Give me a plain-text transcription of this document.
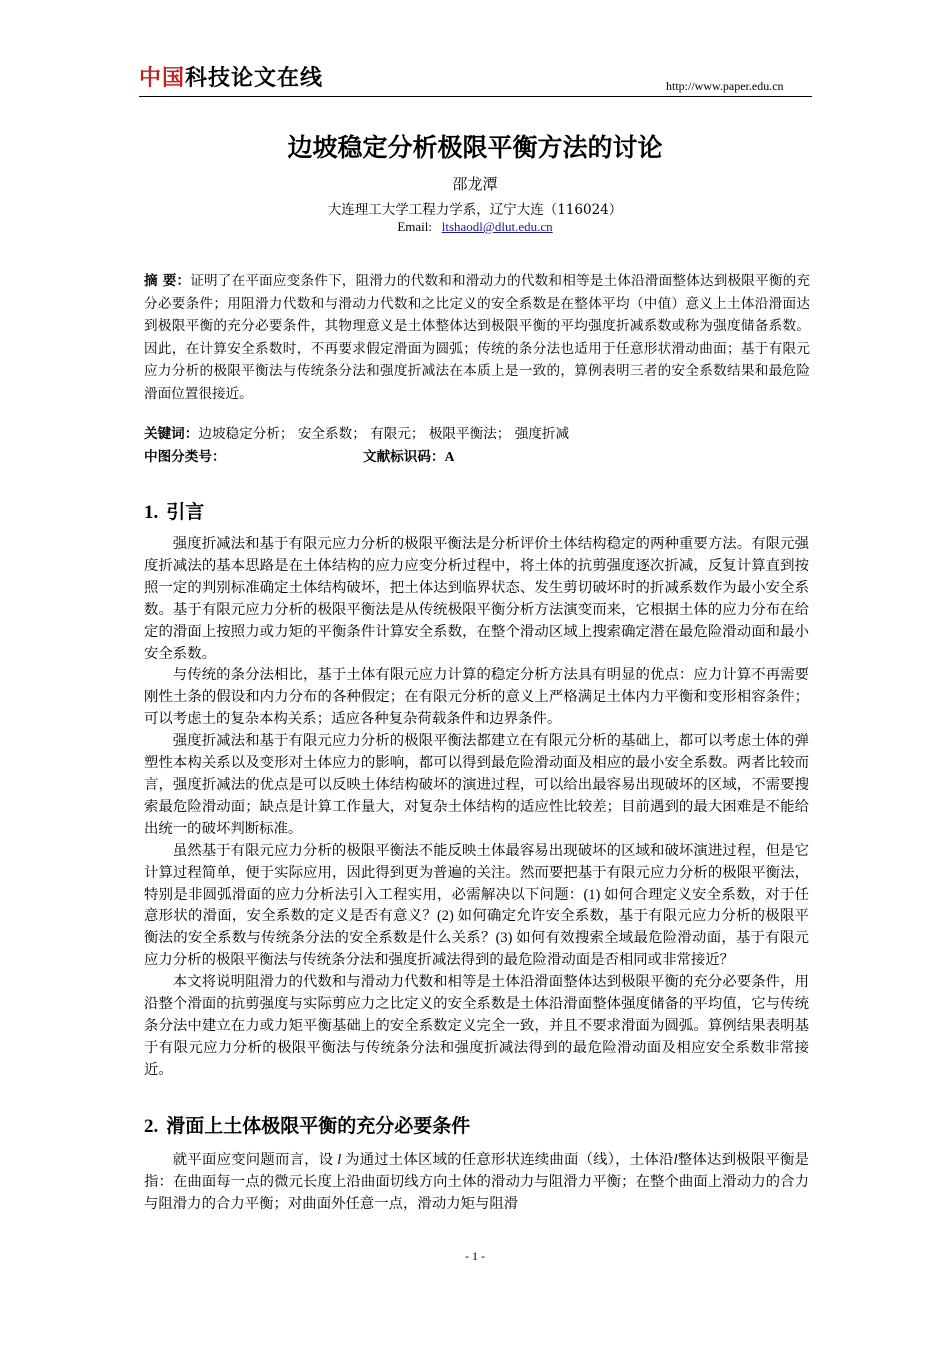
中国科技论文在线	http://www.paper.edu.cn
边坡稳定分析极限平衡方法的讨论
邵龙潭
大连理工大学工程力学系，辽宁大连（116024）
Email: ltshaodl@dlut.edu.cn

摘 要：证明了在平面应变条件下，阻滑力的代数和和滑动力的代数和相等是土体沿滑面整体达到极限平衡的充分必要条件；用阻滑力代数和与滑动力代数和之比定义的安全系数是在整体平均（中值）意义上土体沿滑面达到极限平衡的充分必要条件，其物理意义是土体整体达到极限平衡的平均强度折减系数或称为强度储备系数。因此，在计算安全系数时，不再要求假定滑面为圆弧；传统的条分法也适用于任意形状滑动曲面；基于有限元应力分析的极限平衡法与传统条分法和强度折减法在本质上是一致的，算例表明三者的安全系数结果和最危险滑面位置很接近。

关键词：边坡稳定分析； 安全系数； 有限元； 极限平衡法； 强度折减
中图分类号：	文献标识码：A
1. 引言

强度折减法和基于有限元应力分析的极限平衡法是分析评价土体结构稳定的两种重要方法。有限元强度折减法的基本思路是在土体结构的应力应变分析过程中，将土体的抗剪强度逐次折减，反复计算直到按照一定的判别标准确定土体结构破坏，把土体达到临界状态、发生剪切破坏时的折减系数作为最小安全系数。基于有限元应力分析的极限平衡法是从传统极限平衡分析方法演变而来，它根据土体的应力分布在给定的滑面上按照力或力矩的平衡条件计算安全系数，在整个滑动区域上搜索确定潜在最危险滑动面和最小安全系数。

与传统的条分法相比，基于土体有限元应力计算的稳定分析方法具有明显的优点：应力计算不再需要刚性土条的假设和内力分布的各种假定；在有限元分析的意义上严格满足土体内力平衡和变形相容条件；可以考虑土的复杂本构关系；适应各种复杂荷载条件和边界条件。

强度折减法和基于有限元应力分析的极限平衡法都建立在有限元分析的基础上，都可以考虑土体的弹塑性本构关系以及变形对土体应力的影响，都可以得到最危险滑动面及相应的最小安全系数。两者比较而言，强度折减法的优点是可以反映土体结构破坏的演进过程，可以给出最容易出现破坏的区域，不需要搜索最危险滑动面；缺点是计算工作量大，对复杂土体结构的适应性比较差；目前遇到的最大困难是不能给出统一的破坏判断标准。

虽然基于有限元应力分析的极限平衡法不能反映土体最容易出现破坏的区域和破坏演进过程，但是它计算过程简单，便于实际应用，因此得到更为普遍的关注。然而要把基于有限元应力分析的极限平衡法，特别是非圆弧滑面的应力分析法引入工程实用，必需解决以下问题：(1) 如何合理定义安全系数，对于任意形状的滑面，安全系数的定义是否有意义？(2) 如何确定允许安全系数，基于有限元应力分析的极限平衡法的安全系数与传统条分法的安全系数是什么关系？(3) 如何有效搜索全域最危险滑动面，基于有限元应力分析的极限平衡法与传统条分法和强度折减法得到的最危险滑动面是否相同或非常接近？

本文将说明阻滑力的代数和与滑动力代数和相等是土体沿滑面整体达到极限平衡的充分必要条件，用沿整个滑面的抗剪强度与实际剪应力之比定义的安全系数是土体沿滑面整体强度储备的平均值，它与传统条分法中建立在力或力矩平衡基础上的安全系数定义完全一致，并且不要求滑面为圆弧。算例结果表明基于有限元应力分析的极限平衡法与传统条分法和强度折减法得到的最危险滑动面及相应安全系数非常接近。

2. 滑面上土体极限平衡的充分必要条件

就平面应变问题而言，设 l 为通过土体区域的任意形状连续曲面（线），土体沿l整体达到极限平衡是指：在曲面每一点的微元长度上沿曲面切线方向土体的滑动力与阻滑力平衡；在整个曲面上滑动力的合力与阻滑力的合力平衡；对曲面外任意一点，滑动力矩与阻滑

- 1 -
